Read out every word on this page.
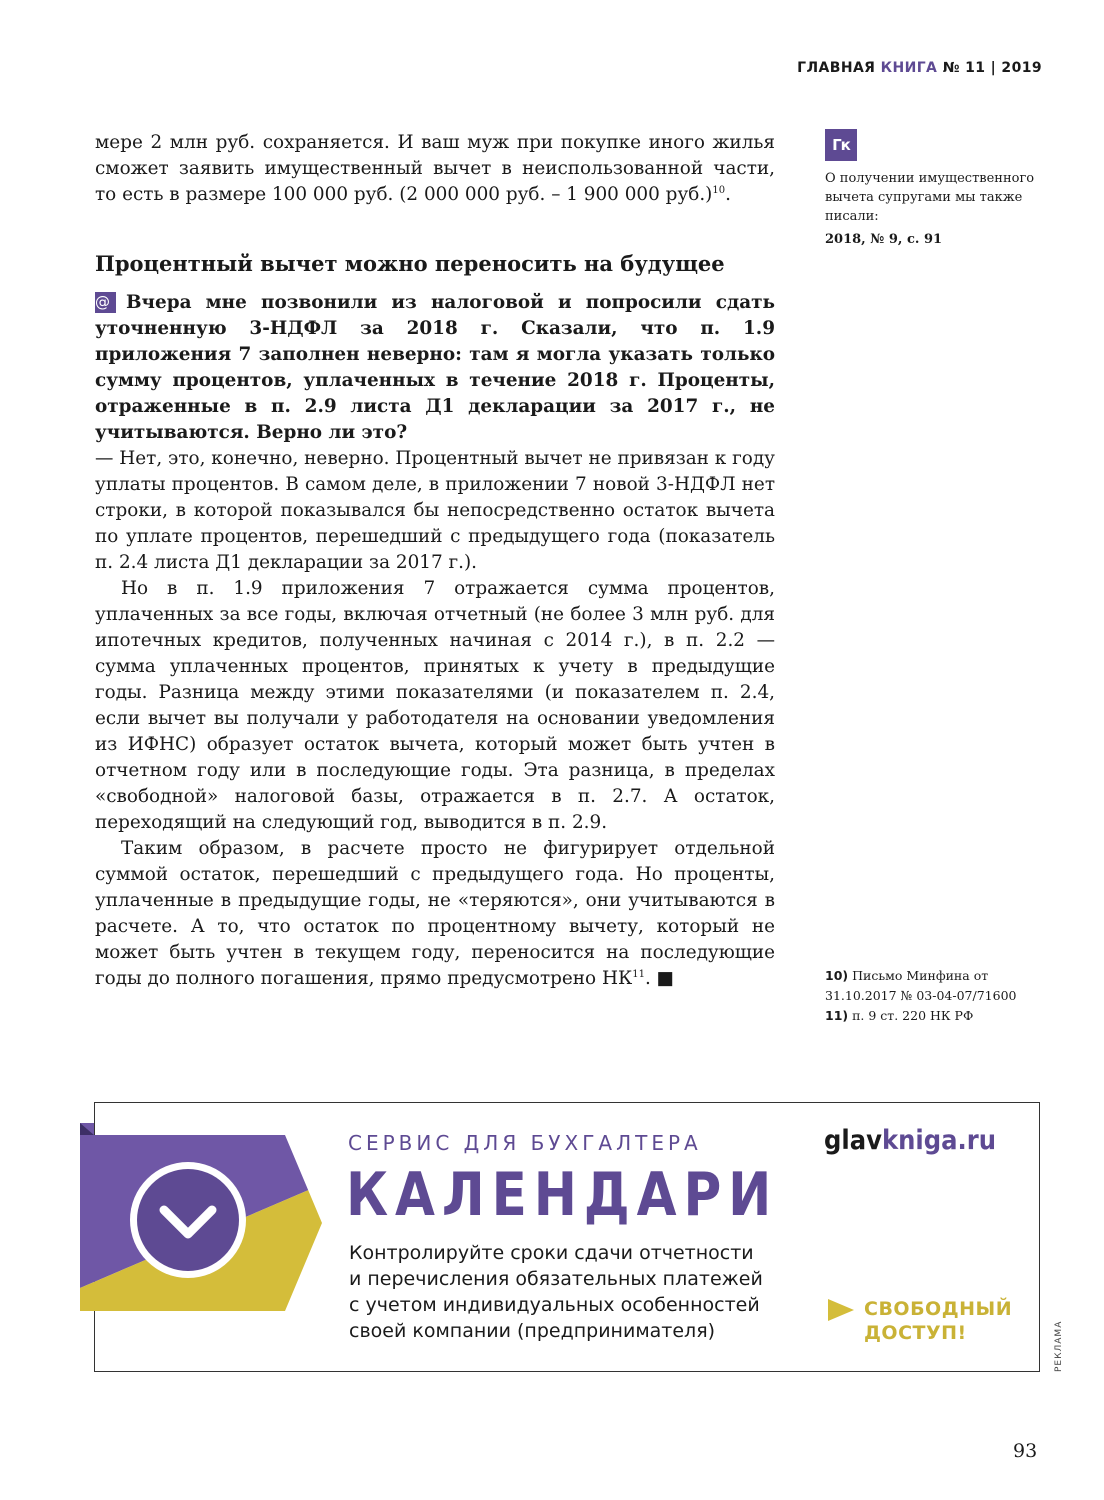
ГЛАВНАЯ КНИГА № 11 | 2019

мере 2 млн руб. сохраняется. И ваш муж при покупке иного жилья сможет заявить имущественный вычет в неиспользованной части, то есть в размере 100 000 руб. (2 000 000 руб. – 1 900 000 руб.)$^{10}$.

Процентный вычет можно переносить на будущее

@ Вчера мне позвонили из налоговой и попросили сдать уточненную 3-НДФЛ за 2018 г. Сказали, что п. 1.9 приложения 7 заполнен неверно: там я могла указать только сумму процентов, уплаченных в течение 2018 г. Проценты, отраженные в п. 2.9 листа Д1 декларации за 2017 г., не учитываются. Верно ли это?

— Нет, это, конечно, неверно. Процентный вычет не привязан к году уплаты процентов. В самом деле, в приложении 7 новой 3-НДФЛ нет строки, в которой показывался бы непосредственно остаток вычета по уплате процентов, перешедший с предыдущего года (показатель п. 2.4 листа Д1 декларации за 2017 г.).

Но в п. 1.9 приложения 7 отражается сумма процентов, уплаченных за все годы, включая отчетный (не более 3 млн руб. для ипотечных кредитов, полученных начиная с 2014 г.), в п. 2.2 — сумма уплаченных процентов, принятых к учету в предыдущие годы. Разница между этими показателями (и показателем п. 2.4, если вычет вы получали у работодателя на основании уведомления из ИФНС) образует остаток вычета, который может быть учтен в отчетном году или в последующие годы. Эта разница, в пределах «свободной» налоговой базы, отражается в п. 2.7. А остаток, переходящий на следующий год, выводится в п. 2.9.

Таким образом, в расчете просто не фигурирует отдельной суммой остаток, перешедший с предыдущего года. Но проценты, уплаченные в предыдущие годы, не «теряются», они учитываются в расчете. А то, что остаток по процентному вычету, который не может быть учтен в текущем году, переносится на последующие годы до полного погашения, прямо предусмотрено НК$^{11}$. ■

Гк
О получении имущественного вычета супругами мы также писали:
2018, № 9, с. 91
10) Письмо Минфина от 31.10.2017 № 03-04-07/71600
11) п. 9 ст. 220 НК РФ
СЕРВИС ДЛЯ БУХГАЛТЕРА
КАЛЕНДАРИ
Контролируйте сроки сдачи отчетности и перечисления обязательных платежей с учетом индивидуальных особенностей своей компании (предпринимателя)
glavkniga.ru
СВОБОДНЫЙ ДОСТУП!	РЕКЛАМА
93
